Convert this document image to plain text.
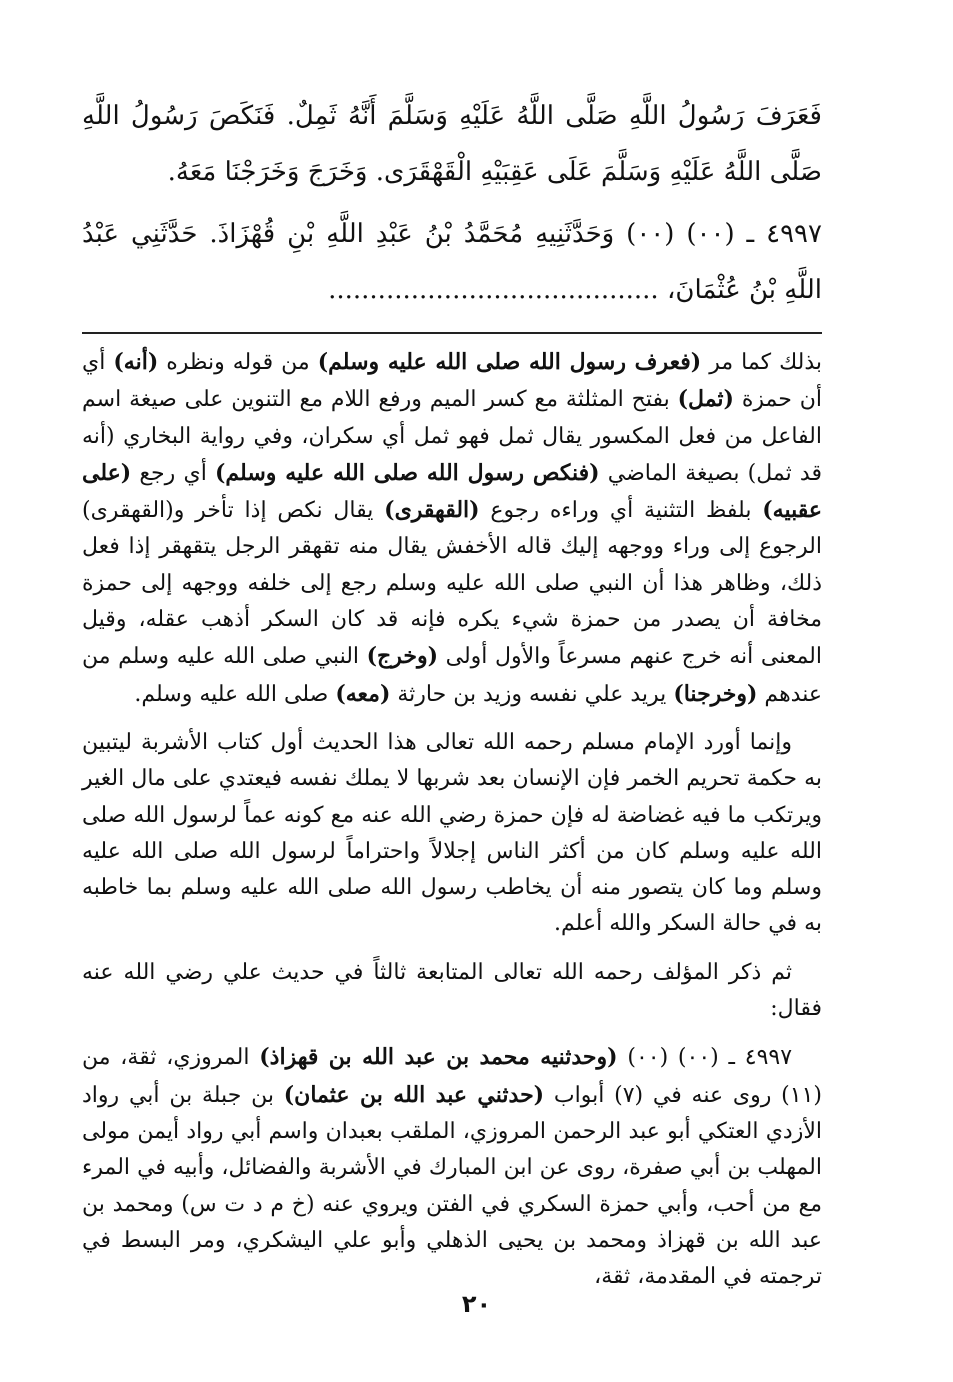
فَعَرَفَ رَسُولُ اللَّهِ صَلَّى اللَّهُ عَلَيْهِ وَسَلَّمَ أَنَّهُ ثَمِلٌ. فَنَكَصَ رَسُولُ اللَّهِ صَلَّى اللَّهُ عَلَيْهِ وَسَلَّمَ عَلَى عَقِبَيْهِ الْقَهْقَرَى. وَخَرَجَ وَخَرَجْنَا مَعَهُ.

٤٩٩٧ ـ (٠٠) (٠٠) وَحَدَّثَنِيهِ مُحَمَّدُ بْنُ عَبْدِ اللَّهِ بْنِ قُهْزَاذَ. حَدَّثَنِي عَبْدُ اللَّهِ بْنُ عُثْمَانَ، ........................................

بذلك كما مر (فعرف رسول الله صلى الله عليه وسلم) من قوله ونظره (أنه) أي أن حمزة (ثمل) بفتح المثلثة مع كسر الميم ورفع اللام مع التنوين على صيغة اسم الفاعل من فعل المكسور يقال ثمل فهو ثمل أي سكران، وفي رواية البخاري (أنه قد ثمل) بصيغة الماضي (فنكص رسول الله صلى الله عليه وسلم) أي رجع (على عقبيه) بلفظ التثنية أي وراءه رجوع (القهقرى) يقال نكص إذا تأخر و(القهقرى) الرجوع إلى وراء ووجهه إليك قاله الأخفش يقال منه تقهقر الرجل يتقهقر إذا فعل ذلك، وظاهر هذا أن النبي صلى الله عليه وسلم رجع إلى خلفه ووجهه إلى حمزة مخافة أن يصدر من حمزة شيء يكره فإنه قد كان السكر أذهب عقله، وقيل المعنى أنه خرج عنهم مسرعاً والأول أولى (وخرج) النبي صلى الله عليه وسلم من عندهم (وخرجنا) يريد علي نفسه وزيد بن حارثة (معه) صلى الله عليه وسلم.

وإنما أورد الإمام مسلم رحمه الله تعالى هذا الحديث أول كتاب الأشربة ليتبين به حكمة تحريم الخمر فإن الإنسان بعد شربها لا يملك نفسه فيعتدي على مال الغير ويرتكب ما فيه غضاضة له فإن حمزة رضي الله عنه مع كونه عماً لرسول الله صلى الله عليه وسلم كان من أكثر الناس إجلالاً واحتراماً لرسول الله صلى الله عليه وسلم وما كان يتصور منه أن يخاطب رسول الله صلى الله عليه وسلم بما خاطبه به في حالة السكر والله أعلم.

ثم ذكر المؤلف رحمه الله تعالى المتابعة ثالثاً في حديث علي رضي الله عنه فقال:

٤٩٩٧ ـ (٠٠) (٠٠) (وحدثنيه محمد بن عبد الله بن قهزاذ) المروزي، ثقة، من (١١) روى عنه في (٧) أبواب (حدثني عبد الله بن عثمان) بن جبلة بن أبي رواد الأزدي العتكي أبو عبد الرحمن المروزي، الملقب بعبدان واسم أبي رواد أيمن مولى المهلب بن أبي صفرة، روى عن ابن المبارك في الأشربة والفضائل، وأبيه في المرء مع من أحب، وأبي حمزة السكري في الفتن ويروي عنه (خ م د ت س) ومحمد بن عبد الله بن قهزاذ ومحمد بن يحيى الذهلي وأبو علي اليشكري، ومر البسط في ترجمته في المقدمة، ثقة،

٢٠
